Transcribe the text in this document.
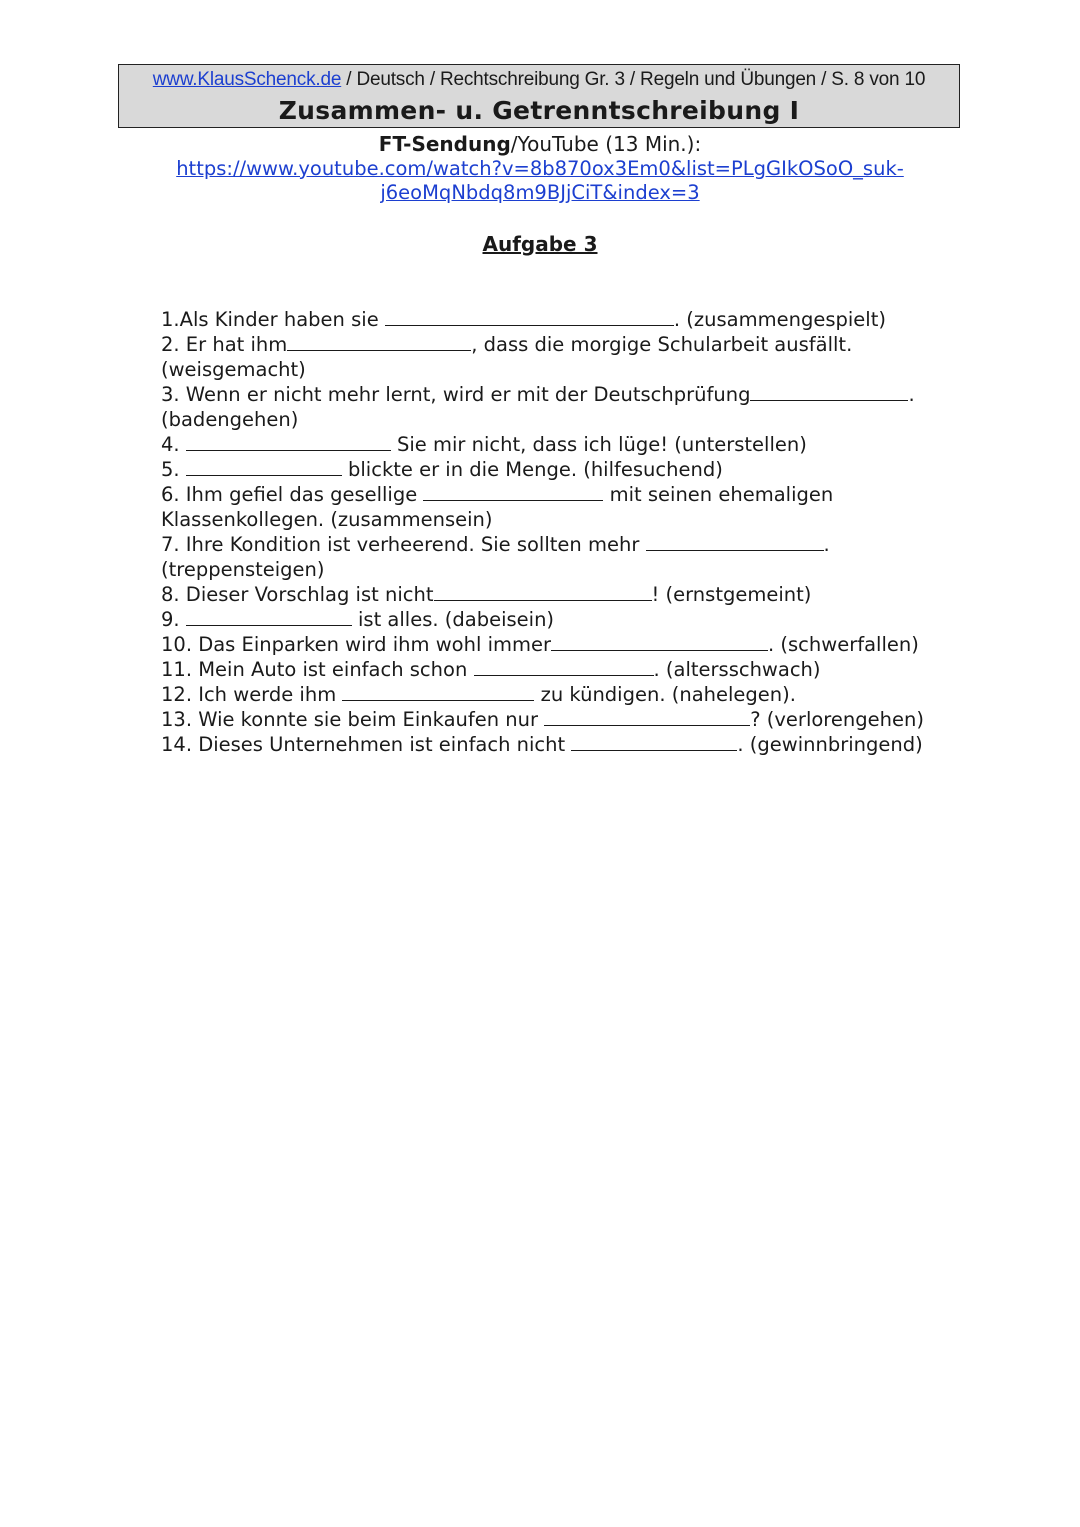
www.KlausSchenck.de / Deutsch / Rechtschreibung Gr. 3 / Regeln und Übungen / S. 8 von 10
Zusammen- u. Getrenntschreibung I
FT-Sendung/YouTube (13 Min.):
https://www.youtube.com/watch?v=8b870ox3Em0&list=PLgGIkOSoO_suk-
j6eoMqNbdq8m9BJjCiT&index=3
Aufgabe 3
1.Als Kinder haben sie	. (zusammengespielt)
2. Er hat ihm	, dass die morgige Schularbeit ausfällt.
(weisgemacht)
3. Wenn er nicht mehr lernt, wird er mit der Deutschprüfung	.
(badengehen)
4.	Sie mir nicht, dass ich lüge! (unterstellen)
5.	blickte er in die Menge. (hilfesuchend)
6. Ihm gefiel das gesellige	mit seinen ehemaligen
Klassenkollegen. (zusammensein)
7. Ihre Kondition ist verheerend. Sie sollten mehr	.
(treppensteigen)
8. Dieser Vorschlag ist nicht	! (ernstgemeint)
9.	ist alles. (dabeisein)
10. Das Einparken wird ihm wohl immer	. (schwerfallen)
11. Mein Auto ist einfach schon	. (altersschwach)
12. Ich werde ihm	zu kündigen. (nahelegen).
13. Wie konnte sie beim Einkaufen nur	? (verlorengehen)
14. Dieses Unternehmen ist einfach nicht	. (gewinnbringend)
